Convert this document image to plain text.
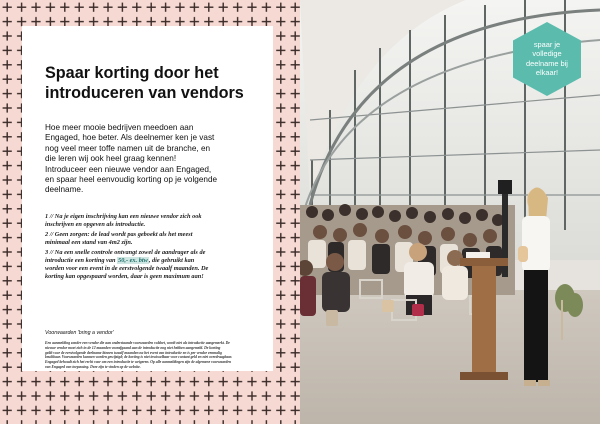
Spaar korting door het
introduceren van vendors

Hoe meer mooie bedrijven meedoen aan
Engaged, hoe beter. Als deelnemer ken je vast
nog veel meer toffe namen uit de branche, en
die leren wij ook heel graag kennen!
Introduceer een nieuwe vendor aan Engaged,
en spaar heel eenvoudig korting op je volgende
deelname.

1 // Na je eigen inschrijving kan een nieuwe vendor zich ook
inschrijven en opgeven als introductie.

2 // Geen zorgen: de lead wordt pas geboekt als het meest
minimaal een stand van 4m2 zijn.

3 // Na een snelle controle ontvangt zowel de aandrager als de
introductie een korting van 50,- ex. btw, die gebruikt kan
worden voor een event in de eerstvolgende twaalf maanden. De
korting kan opgespaard worden, daar is geen maximum aan!

Voorwaarden 'bring a vendor'
Een aanmelding zonder een vendor die aan onderstaande voorwaarden voldoet, wordt niet als introductie aangemerkt. De
nieuwe vendor moet zich in de 12 maanden voorafgaand aan de introductie nog niet hebben aangemeld. De korting
geldt voor de eerstvolgende deelname binnen twaalf maanden na het event van introductie en is per vendor eenmalig
bruikbaar. Voorwaarden kunnen worden gewijzigd; de korting is niet inwisselbaar voor contant geld en niet overdraagbaar.
Engaged behoudt zich het recht voor om een introductie te weigeren. Op alle aanmeldingen zijn de algemene voorwaarden
van Engaged van toepassing. Deze zijn te vinden op de website.
spaar je
volledige
deelname bij
elkaar!
